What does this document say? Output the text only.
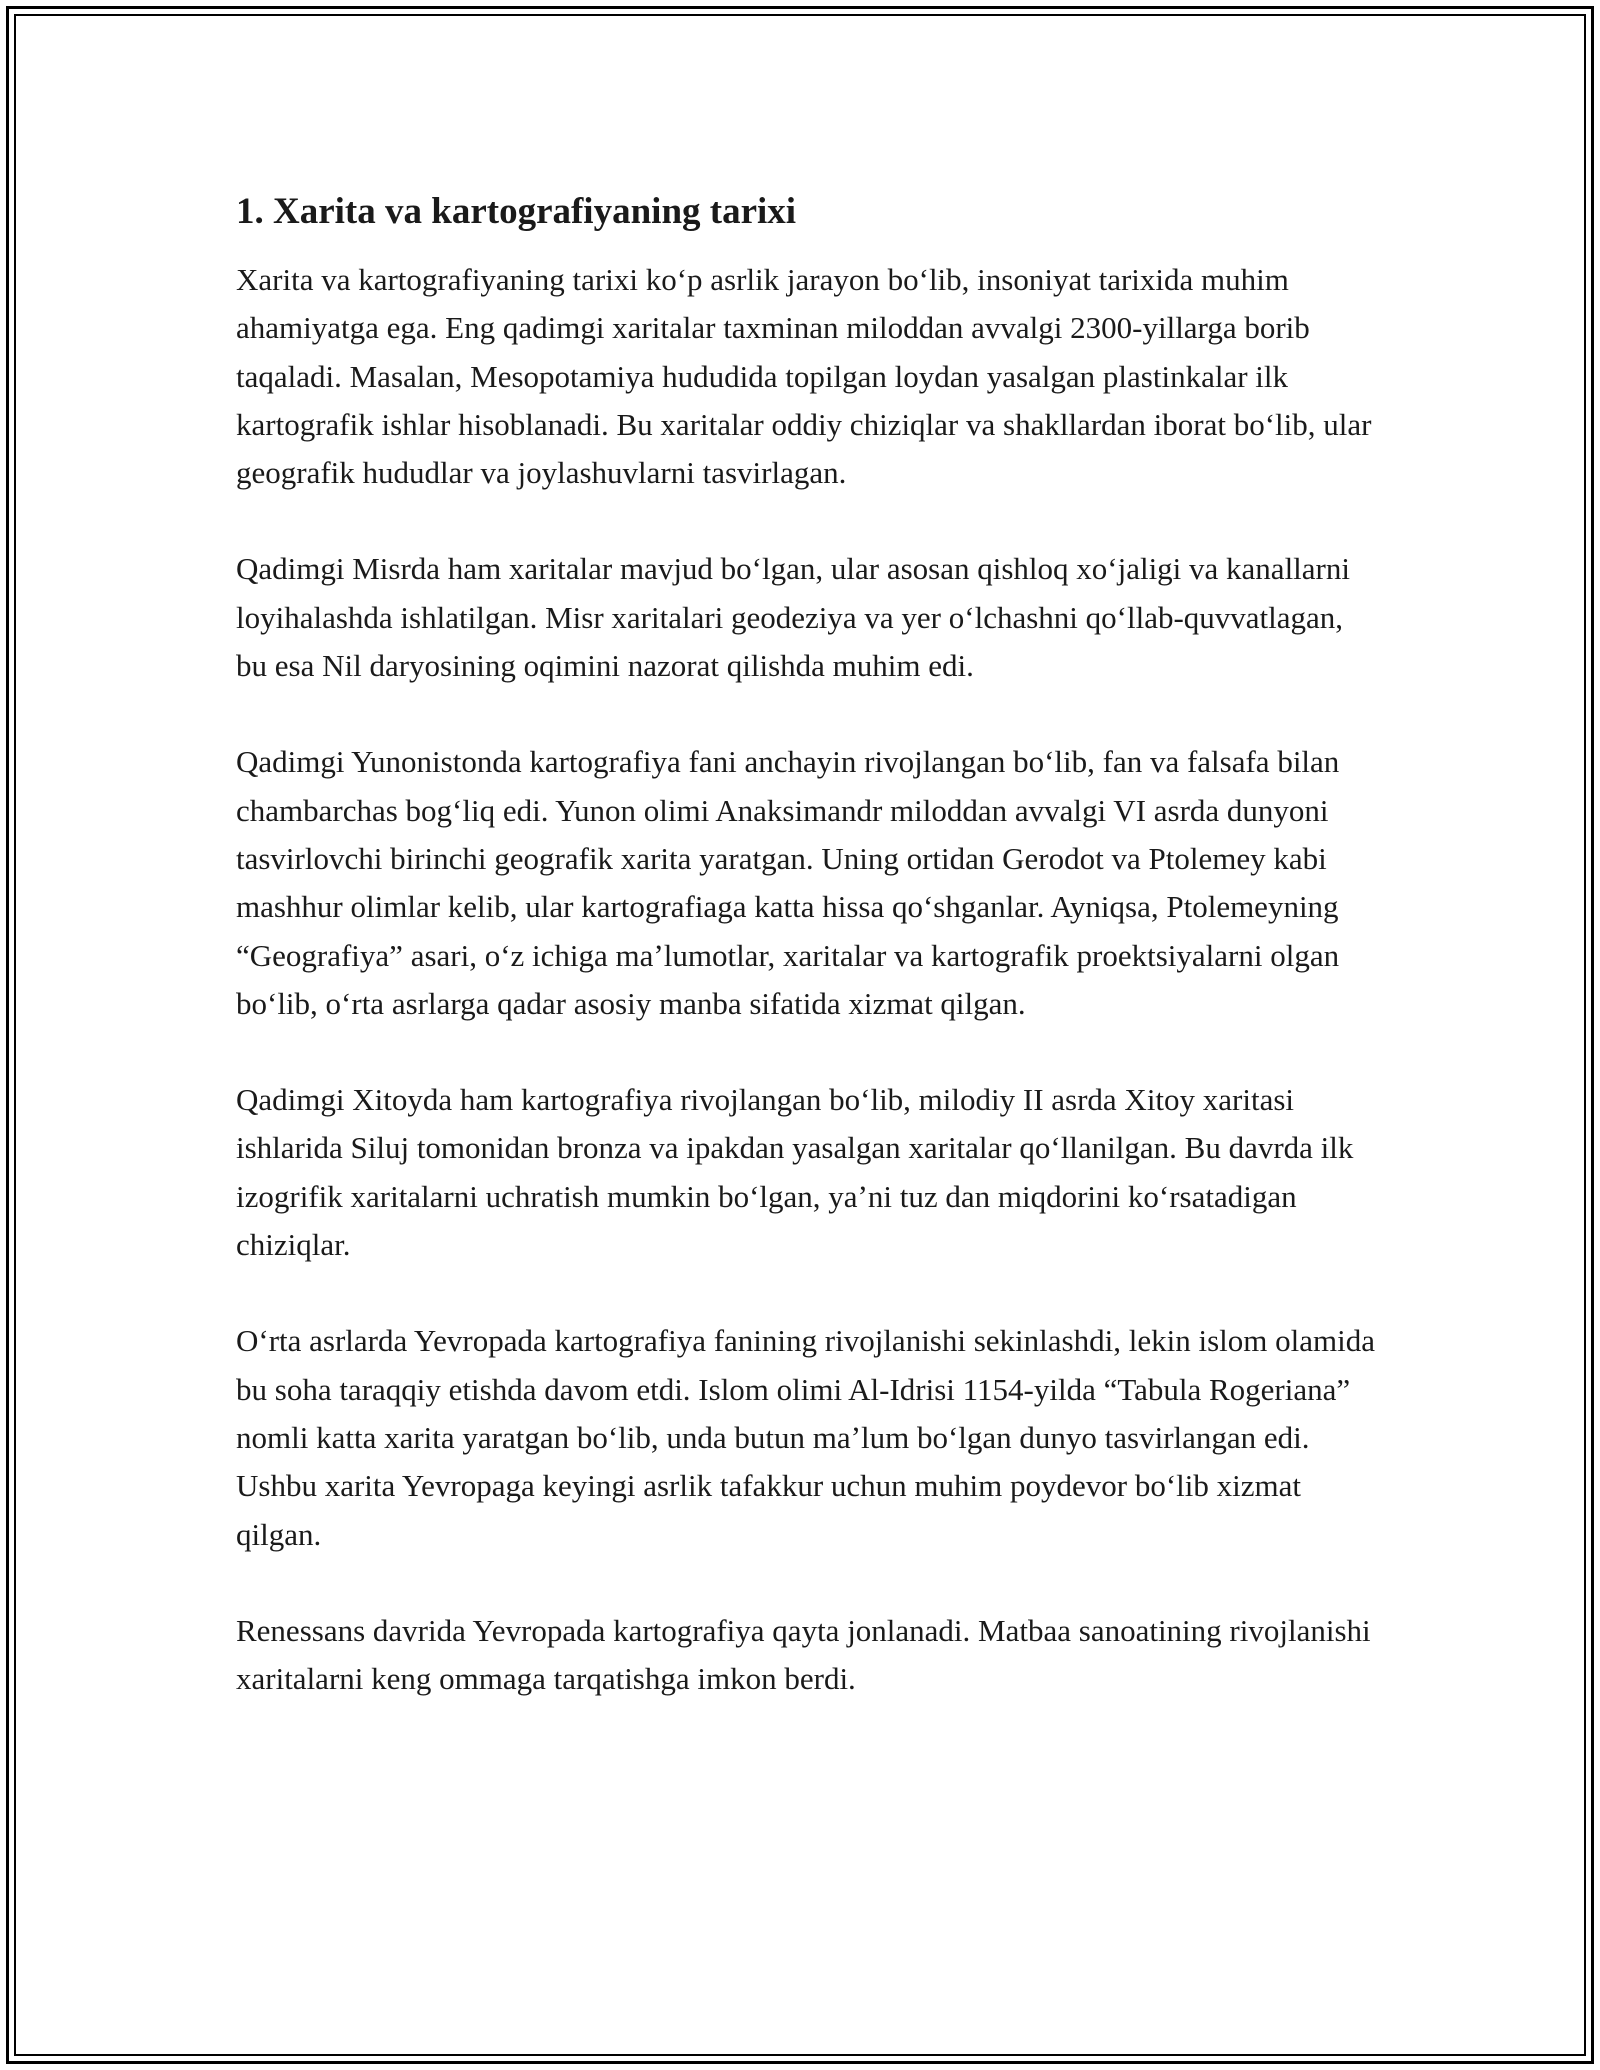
1. Xarita va kartografiyaning tarixi

Xarita va kartografiyaning tarixi koʻp asrlik jarayon boʻlib, insoniyat tarixida muhim ahamiyatga ega. Eng qadimgi xaritalar taxminan miloddan avvalgi 2300-yillarga borib taqaladi. Masalan, Mesopotamiya hududida topilgan loydan yasalgan plastinkalar ilk kartografik ishlar hisoblanadi. Bu xaritalar oddiy chiziqlar va shakllardan iborat boʻlib, ular geografik hududlar va joylashuvlarni tasvirlagan.

Qadimgi Misrda ham xaritalar mavjud boʻlgan, ular asosan qishloq xoʻjaligi va kanallarni loyihalashda ishlatilgan. Misr xaritalari geodeziya va yer oʻlchashni qoʻllab-quvvatlagan, bu esa Nil daryosining oqimini nazorat qilishda muhim edi.

Qadimgi Yunonistonda kartografiya fani anchayin rivojlangan boʻlib, fan va falsafa bilan chambarchas bogʻliq edi. Yunon olimi Anaksimandr miloddan avvalgi VI asrda dunyoni tasvirlovchi birinchi geografik xarita yaratgan. Uning ortidan Gerodot va Ptolemey kabi mashhur olimlar kelib, ular kartografiaga katta hissa qoʻshganlar. Ayniqsa, Ptolemeyning “Geografiya” asari, oʻz ichiga maʼlumotlar, xaritalar va kartografik proektsiyalarni olgan boʻlib, oʻrta asrlarga qadar asosiy manba sifatida xizmat qilgan.

Qadimgi Xitoyda ham kartografiya rivojlangan boʻlib, milodiy II asrda Xitoy xaritasi ishlarida Siluj tomonidan bronza va ipakdan yasalgan xaritalar qoʻllanilgan. Bu davrda ilk izogrifik xaritalarni uchratish mumkin boʻlgan, yaʼni tuz dan miqdorini koʻrsatadigan chiziqlar.

Oʻrta asrlarda Yevropada kartografiya fanining rivojlanishi sekinlashdi, lekin islom olamida bu soha taraqqiy etishda davom etdi. Islom olimi Al-Idrisi 1154-yilda “Tabula Rogeriana” nomli katta xarita yaratgan boʻlib, unda butun maʼlum boʻlgan dunyo tasvirlangan edi. Ushbu xarita Yevropaga keyingi asrlik tafakkur uchun muhim poydevor boʻlib xizmat qilgan.

Renessans davrida Yevropada kartografiya qayta jonlanadi. Matbaa sanoatining rivojlanishi xaritalarni keng ommaga tarqatishga imkon berdi.
